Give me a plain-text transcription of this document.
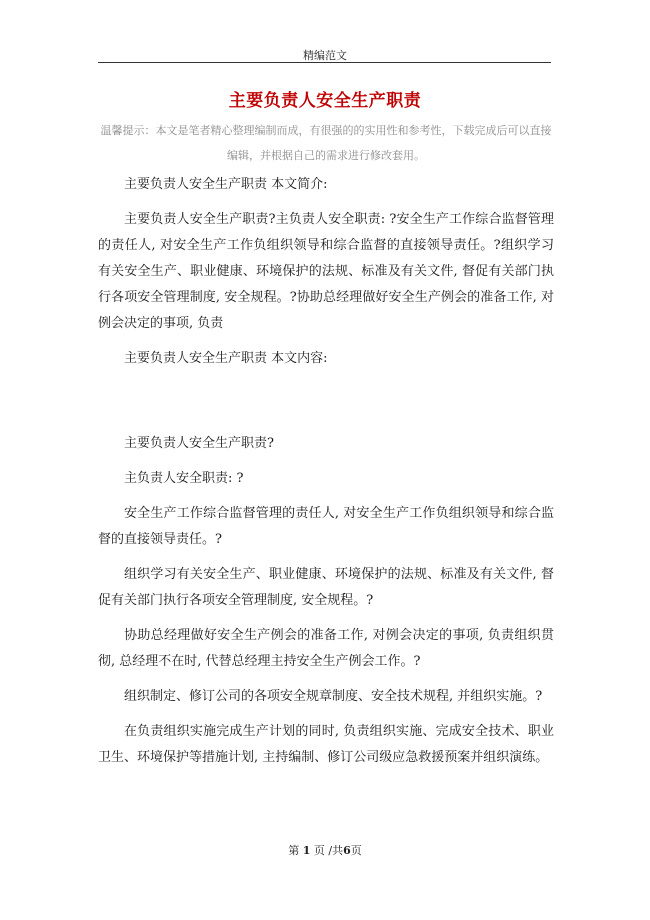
精编范文
主要负责人安全生产职责
温馨提示：本文是笔者精心整理编制而成，有很强的的实用性和参考性，下载完成后可以直接编辑，并根据自己的需求进行修改套用。

主要负责人安全生产职责 本文简介:

主要负责人安全生产职责?主负责人安全职责: ?安全生产工作综合监督管理的责任人, 对安全生产工作负组织领导和综合监督的直接领导责任。?组织学习有关安全生产、职业健康、环境保护的法规、标准及有关文件, 督促有关部门执行各项安全管理制度, 安全规程。?协助总经理做好安全生产例会的准备工作, 对例会决定的事项, 负责

主要负责人安全生产职责 本文内容:

主要负责人安全生产职责?

主负责人安全职责: ?

安全生产工作综合监督管理的责任人, 对安全生产工作负组织领导和综合监督的直接领导责任。?

组织学习有关安全生产、职业健康、环境保护的法规、标准及有关文件, 督促有关部门执行各项安全管理制度, 安全规程。?

协助总经理做好安全生产例会的准备工作, 对例会决定的事项, 负责组织贯彻, 总经理不在时, 代替总经理主持安全生产例会工作。?

组织制定、修订公司的各项安全规章制度、安全技术规程, 并组织实施。?

在负责组织实施完成生产计划的同时, 负责组织实施、完成安全技术、职业卫生、环境保护等措施计划, 主持编制、修订公司级应急救援预案并组织演练。

第 1 页 /共6页
